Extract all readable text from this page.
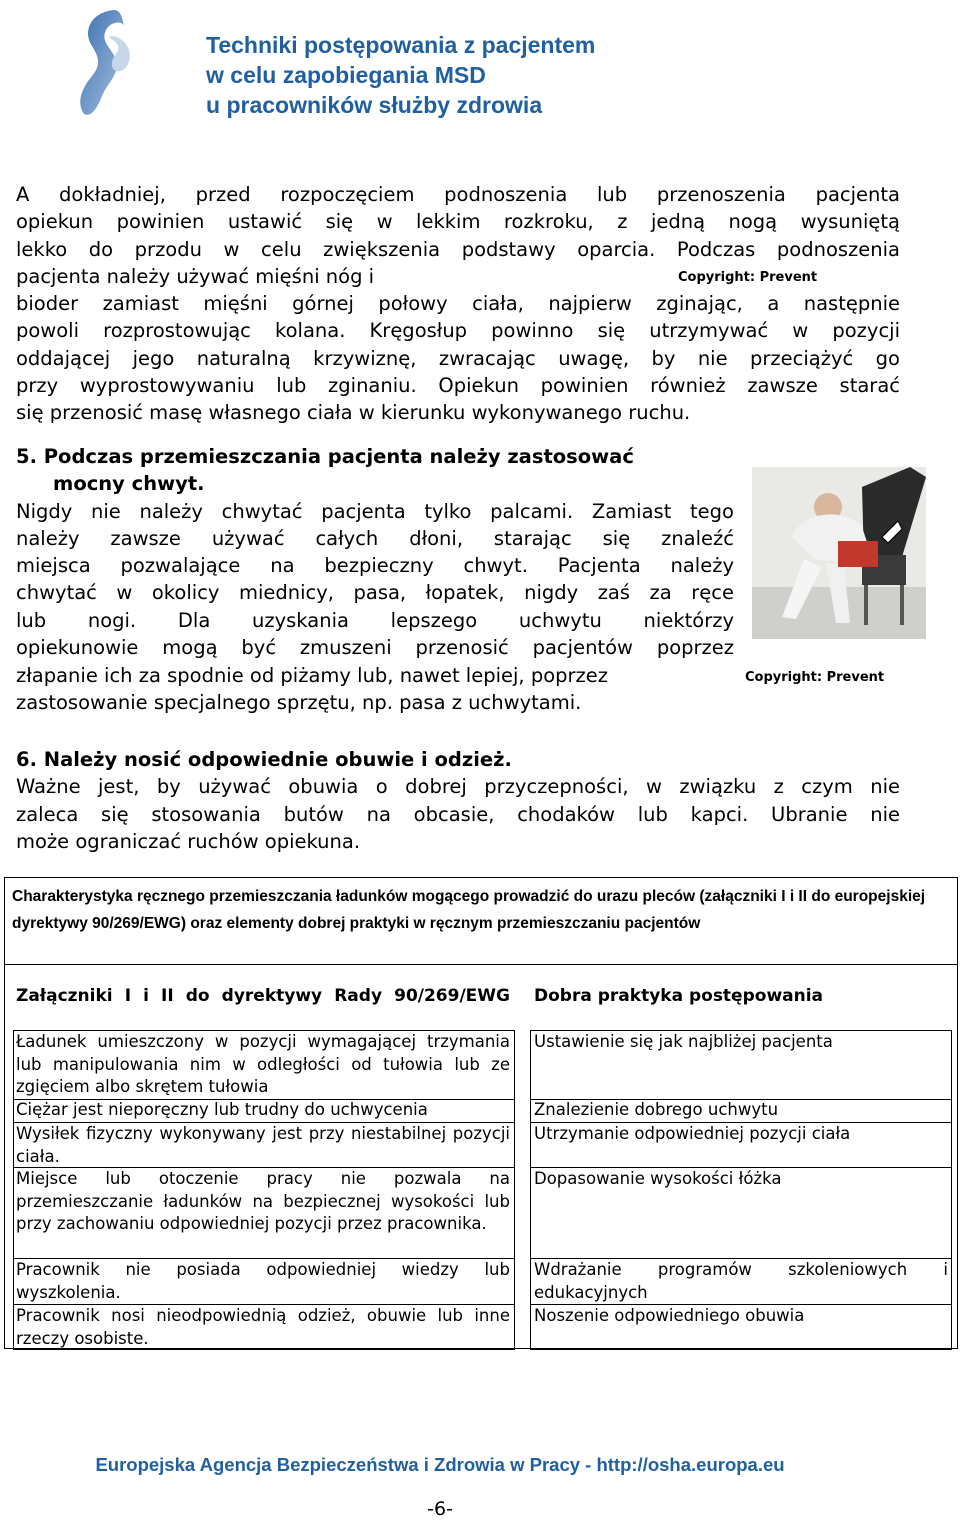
Techniki postępowania z pacjentem
w celu zapobiegania MSD
u pracowników służby zdrowia
A dokładniej, przed rozpoczęciem podnoszenia lub przenoszenia pacjenta
opiekun powinien ustawić się w lekkim rozkroku, z jedną nogą wysuniętą
lekko do przodu w celu zwiększenia podstawy oparcia. Podczas podnoszenia
pacjenta należy używać mięśni nóg i
bioder zamiast mięśni górnej połowy ciała, najpierw zginając, a następnie
powoli rozprostowując kolana. Kręgosłup powinno się utrzymywać w pozycji
oddającej jego naturalną krzywiznę, zwracając uwagę, by nie przeciążyć go
przy wyprostowywaniu lub zginaniu. Opiekun powinien również zawsze starać
się przenosić masę własnego ciała w kierunku wykonywanego ruchu.
Copyright: Prevent
5. Podczas przemieszczania pacjenta należy zastosować
mocny chwyt.
Nigdy nie należy chwytać pacjenta tylko palcami. Zamiast tego
należy zawsze używać całych dłoni, starając się znaleźć
miejsca pozwalające na bezpieczny chwyt. Pacjenta należy
chwytać w okolicy miednicy, pasa, łopatek, nigdy zaś za ręce
lub nogi. Dla uzyskania lepszego uchwytu niektórzy
opiekunowie mogą być zmuszeni przenosić pacjentów poprzez
złapanie ich za spodnie od piżamy lub, nawet lepiej, poprzez
zastosowanie specjalnego sprzętu, np. pasa z uchwytami.
Copyright: Prevent
6. Należy nosić odpowiednie obuwie i odzież.
Ważne jest, by używać obuwia o dobrej przyczepności, w związku z czym nie
zaleca się stosowania butów na obcasie, chodaków lub kapci. Ubranie nie
może ograniczać ruchów opiekuna.
Charakterystyka ręcznego przemieszczania ładunków mogącego prowadzić do urazu pleców (załączniki I i II do europejskiej dyrektywy 90/269/EWG) oraz elementy dobrej praktyki w ręcznym przemieszczaniu pacjentów
Załączniki I i II do dyrektywy Rady 90/269/EWG Dobra praktyka postępowania
Ładunek umieszczony w pozycji wymagającej trzymania lub manipulowania nim w odległości od tułowia lub ze zgięciem albo skrętem tułowia
Ustawienie się jak najbliżej pacjenta
Ciężar jest nieporęczny lub trudny do uchwycenia	Znalezienie dobrego uchwytu
Wysiłek fizyczny wykonywany jest przy niestabilnej pozycji ciała.
Utrzymanie odpowiedniej pozycji ciała
Miejsce lub otoczenie pracy nie pozwala na przemieszczanie ładunków na bezpiecznej wysokości lub przy zachowaniu odpowiedniej pozycji przez pracownika.
Dopasowanie wysokości łóżka
Pracownik nie posiada odpowiedniej wiedzy lub wyszkolenia.
Wdrażanie programów szkoleniowych i edukacyjnych
Pracownik nosi nieodpowiednią odzież, obuwie lub inne rzeczy osobiste.
Noszenie odpowiedniego obuwia
Europejska Agencja Bezpieczeństwa i Zdrowia w Pracy - http://osha.europa.eu
-6-
